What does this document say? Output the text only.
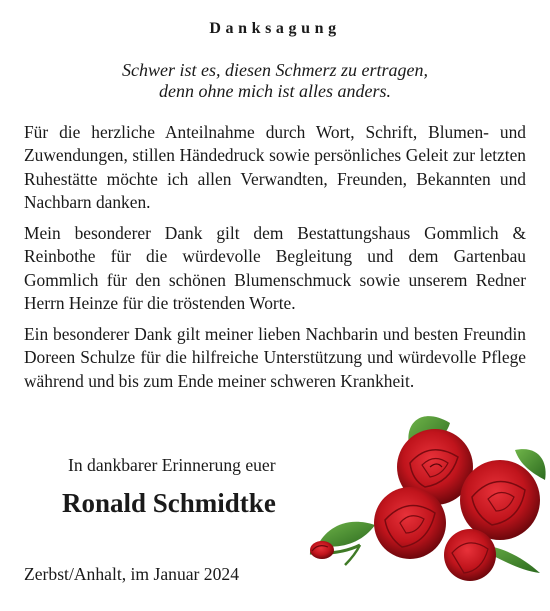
Danksagung
Schwer ist es, diesen Schmerz zu ertragen,
denn ohne mich ist alles anders.
Für die herzliche Anteilnahme durch Wort, Schrift, Blumen- und Zuwendungen, stillen Händedruck sowie persönliches Geleit zur letzten Ruhestätte möchte ich allen Verwandten, Freunden, Bekannten und Nachbarn danken.
Mein besonderer Dank gilt dem Bestattungshaus Gommlich & Reinbothe für die würdevolle Begleitung und dem Gartenbau Gommlich für den schönen Blumenschmuck sowie unserem Redner Herrn Heinze für die tröstenden Worte.
Ein besonderer Dank gilt meiner lieben Nachbarin und besten Freundin Doreen Schulze für die hilfreiche Unterstützung und würdevolle Pflege während und bis zum Ende meiner schweren Krankheit.
In dankbarer Erinnerung euer
Ronald Schmidtke
Zerbst/Anhalt, im Januar 2024
